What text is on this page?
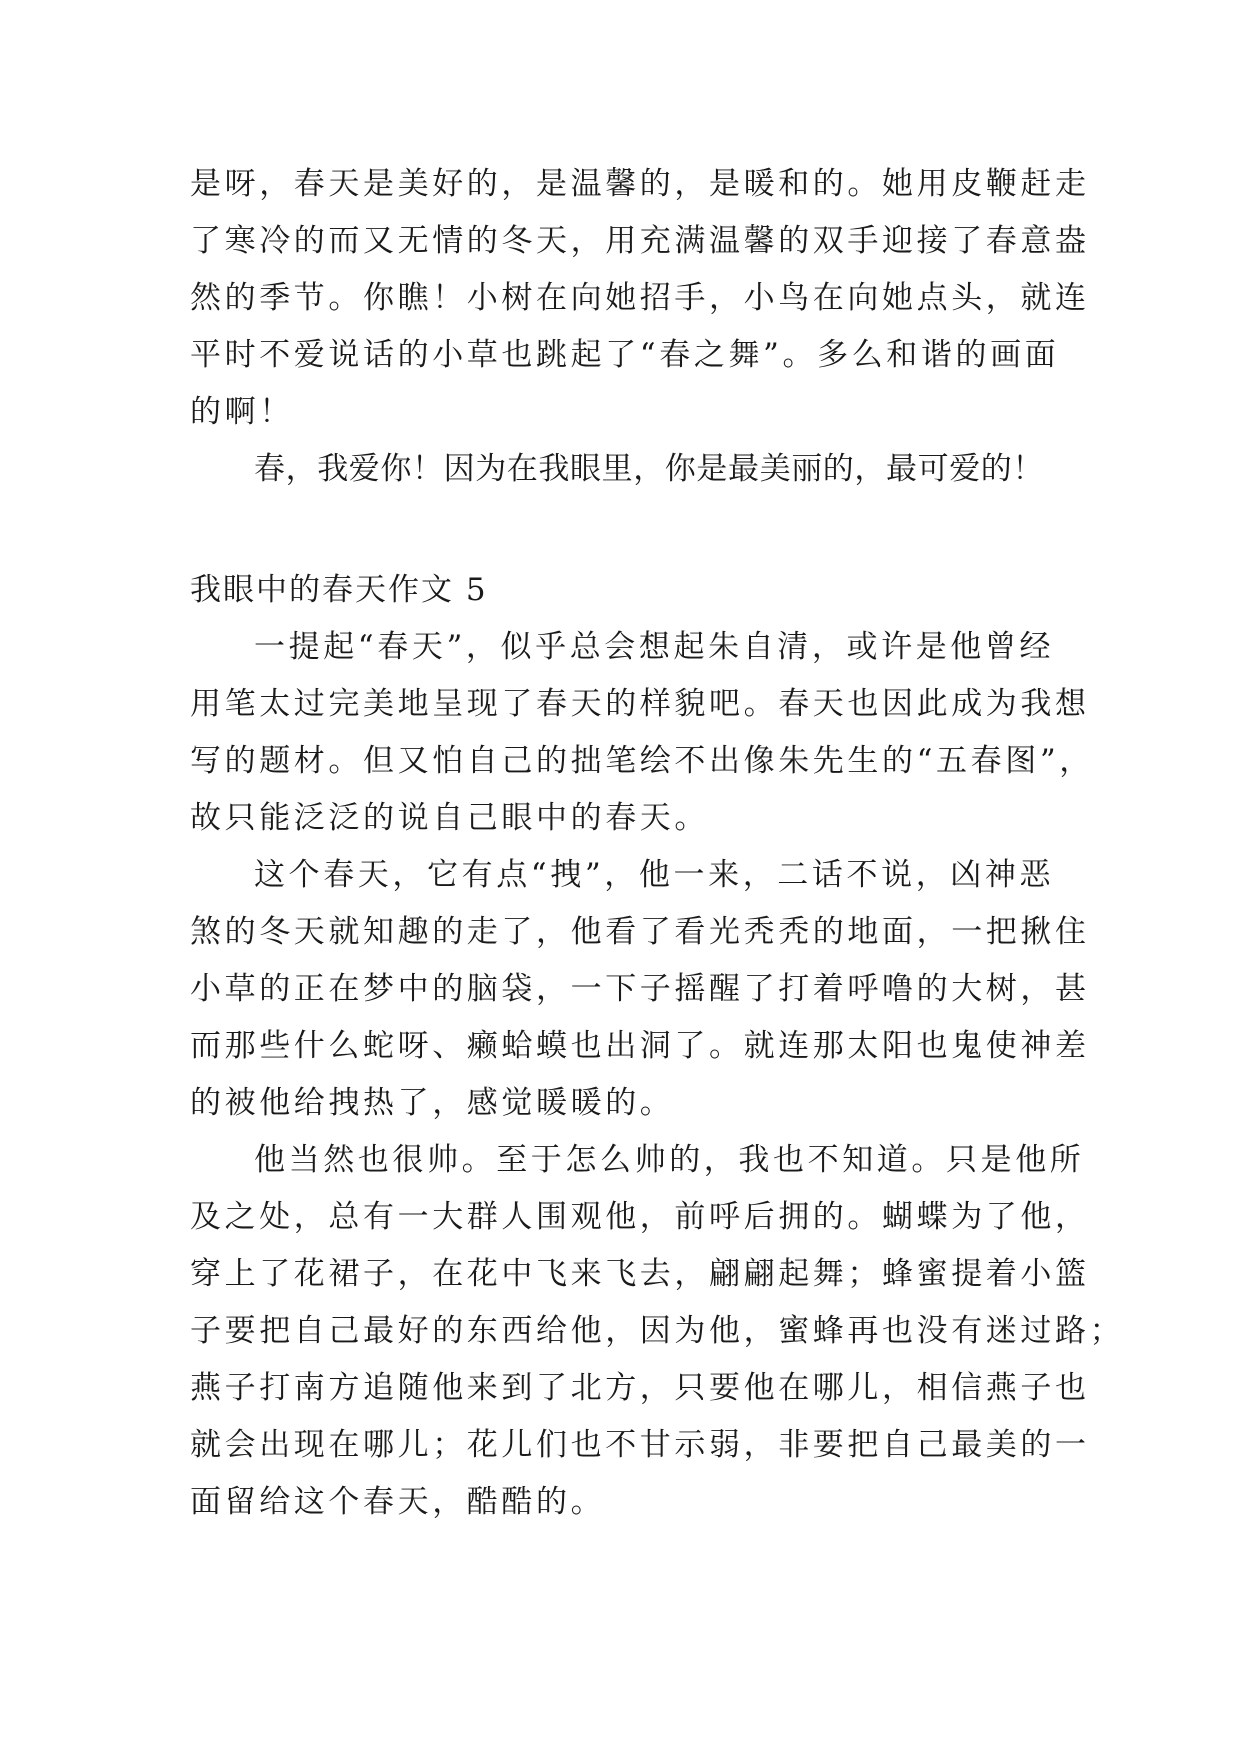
是呀，春天是美好的，是温馨的，是暖和的。她用皮鞭赶走
了寒冷的而又无情的冬天，用充满温馨的双手迎接了春意盎
然的季节。你瞧！小树在向她招手，小鸟在向她点头，就连
平时不爱说话的小草也跳起了“春之舞”。多么和谐的画面
的啊！
春，我爱你！因为在我眼里，你是最美丽的，最可爱的！
我眼中的春天作文 5
一提起“春天”，似乎总会想起朱自清，或许是他曾经
用笔太过完美地呈现了春天的样貌吧。春天也因此成为我想
写的题材。但又怕自己的拙笔绘不出像朱先生的“五春图”，
故只能泛泛的说自己眼中的春天。
这个春天，它有点“拽”，他一来，二话不说，凶神恶
煞的冬天就知趣的走了，他看了看光秃秃的地面，一把揪住
小草的正在梦中的脑袋，一下子摇醒了打着呼噜的大树，甚
而那些什么蛇呀、癞蛤蟆也出洞了。就连那太阳也鬼使神差
的被他给拽热了，感觉暖暖的。
他当然也很帅。至于怎么帅的，我也不知道。只是他所
及之处，总有一大群人围观他，前呼后拥的。蝴蝶为了他，
穿上了花裙子，在花中飞来飞去，翩翩起舞；蜂蜜提着小篮
子要把自己最好的东西给他，因为他，蜜蜂再也没有迷过路；
燕子打南方追随他来到了北方，只要他在哪儿，相信燕子也
就会出现在哪儿；花儿们也不甘示弱，非要把自己最美的一
面留给这个春天，酷酷的。
